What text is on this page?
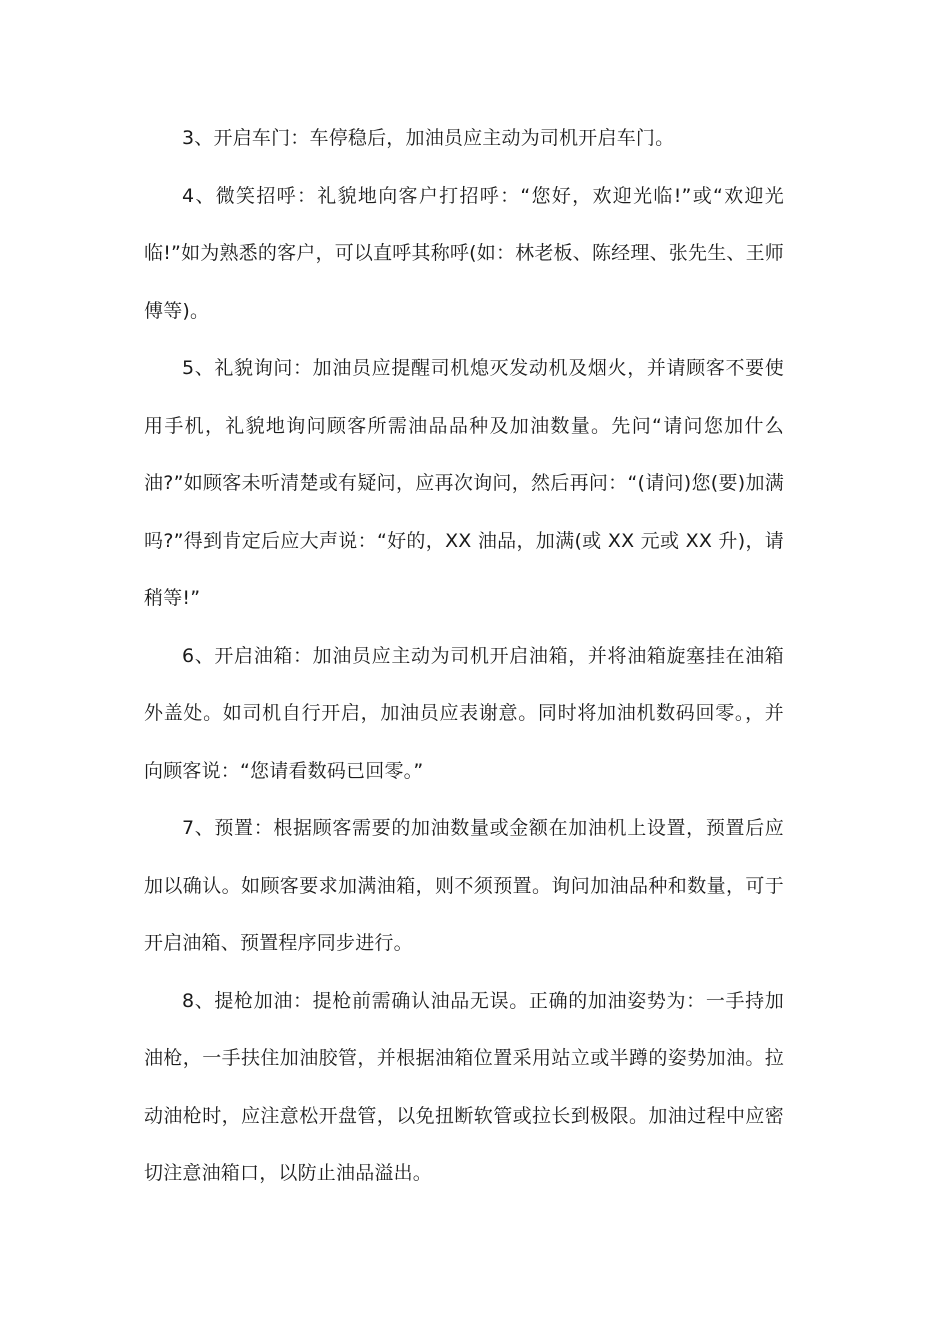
3、开启车门：车停稳后，加油员应主动为司机开启车门。

4、微笑招呼：礼貌地向客户打招呼：“您好，欢迎光临!”或“欢迎光临!”如为熟悉的客户，可以直呼其称呼(如：林老板、陈经理、张先生、王师傅等)。

5、礼貌询问：加油员应提醒司机熄灭发动机及烟火，并请顾客不要使用手机，礼貌地询问顾客所需油品品种及加油数量。先问“请问您加什么油?”如顾客未听清楚或有疑问，应再次询问，然后再问：“(请问)您(要)加满吗?”得到肯定后应大声说：“好的，XX 油品，加满(或 XX 元或 XX 升)，请稍等!”

6、开启油箱：加油员应主动为司机开启油箱，并将油箱旋塞挂在油箱外盖处。如司机自行开启，加油员应表谢意。同时将加油机数码回零。，并向顾客说：“您请看数码已回零。”

7、预置：根据顾客需要的加油数量或金额在加油机上设置，预置后应加以确认。如顾客要求加满油箱，则不须预置。询问加油品种和数量，可于开启油箱、预置程序同步进行。

8、提枪加油：提枪前需确认油品无误。正确的加油姿势为：一手持加油枪，一手扶住加油胶管，并根据油箱位置采用站立或半蹲的姿势加油。拉动油枪时，应注意松开盘管，以免扭断软管或拉长到极限。加油过程中应密切注意油箱口，以防止油品溢出。
